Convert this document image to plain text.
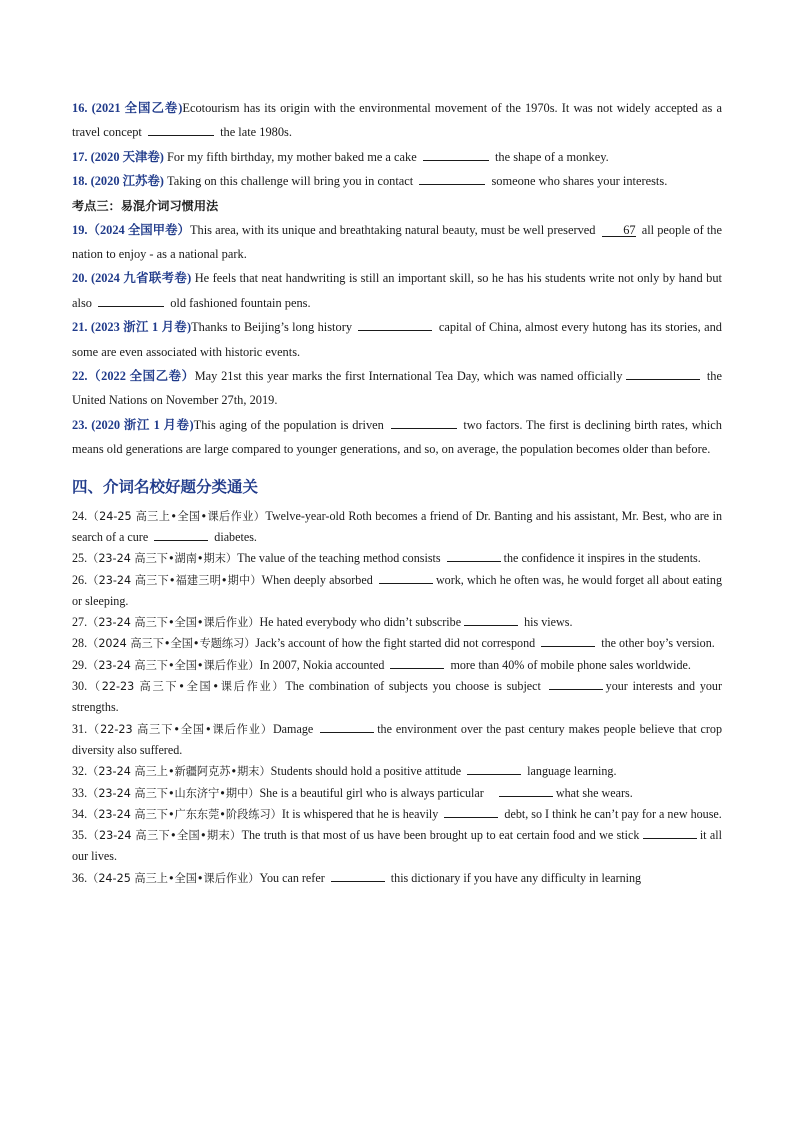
16. (2021 全国乙卷)Ecotourism has its origin with the environmental movement of the 1970s. It was not widely accepted as a travel concept	the late 1980s.
17. (2020 天津卷) For my fifth birthday, my mother baked me a cake	the shape of a monkey.
18. (2020 江苏卷) Taking on this challenge will bring you in contact	someone who shares your interests.
考点三：易混介词习惯用法
19.（2024 全国甲卷）This area, with its unique and breathtaking natural beauty, must be well preserved 67 all people of the nation to enjoy - as a national park.
20. (2024 九省联考卷) He feels that neat handwriting is still an important skill, so he has his students write not only by hand but also	old fashioned fountain pens.
21. (2023 浙江 1 月卷)Thanks to Beijing’s long history	capital of China, almost every hutong has its stories, and some are even associated with historic events.
22.（2022 全国乙卷）May 21st this year marks the first International Tea Day, which was named officially	the United Nations on November 27th, 2019.
23. (2020 浙江 1 月卷)This aging of the population is driven	two factors. The first is declining birth rates, which means old generations are large compared to younger generations, and so, on average, the population becomes older than before.
四、介词名校好题分类通关
24.（24-25 高三上•全国•课后作业）Twelve-year-old Roth becomes a friend of Dr. Banting and his assistant, Mr. Best, who are in search of a cure	diabetes.
25.（23-24 高三下•湖南•期末）The value of the teaching method consists	the confidence it inspires in the students.
26.（23-24 高三下•福建三明•期中）When deeply absorbed	work, which he often was, he would forget all about eating or sleeping.
27.（23-24 高三下•全国•课后作业）He hated everybody who didn’t subscribe	his views.
28.（2024 高三下•全国•专题练习）Jack’s account of how the fight started did not correspond	the other boy’s version.
29.（23-24 高三下•全国•课后作业）In 2007, Nokia accounted	more than 40% of mobile phone sales worldwide.
30.（22-23 高三下•全国•课后作业）The combination of subjects you choose is subject	your interests and your strengths.
31.（22-23 高三下•全国•课后作业）Damage	the environment over the past century makes people believe that crop diversity also suffered.
32.（23-24 高三上•新疆阿克苏•期末）Students should hold a positive attitude	language learning.
33.（23-24 高三下•山东济宁•期中）She is a beautiful girl who is always particular	what she wears.
34.（23-24 高三下•广东东莞•阶段练习）It is whispered that he is heavily	debt, so I think he can’t pay for a new house.
35.（23-24 高三下•全国•期末）The truth is that most of us have been brought up to eat certain food and we stick	it all our lives.
36.（24-25 高三上•全国•课后作业）You can refer	this dictionary if you have any difficulty in learning
